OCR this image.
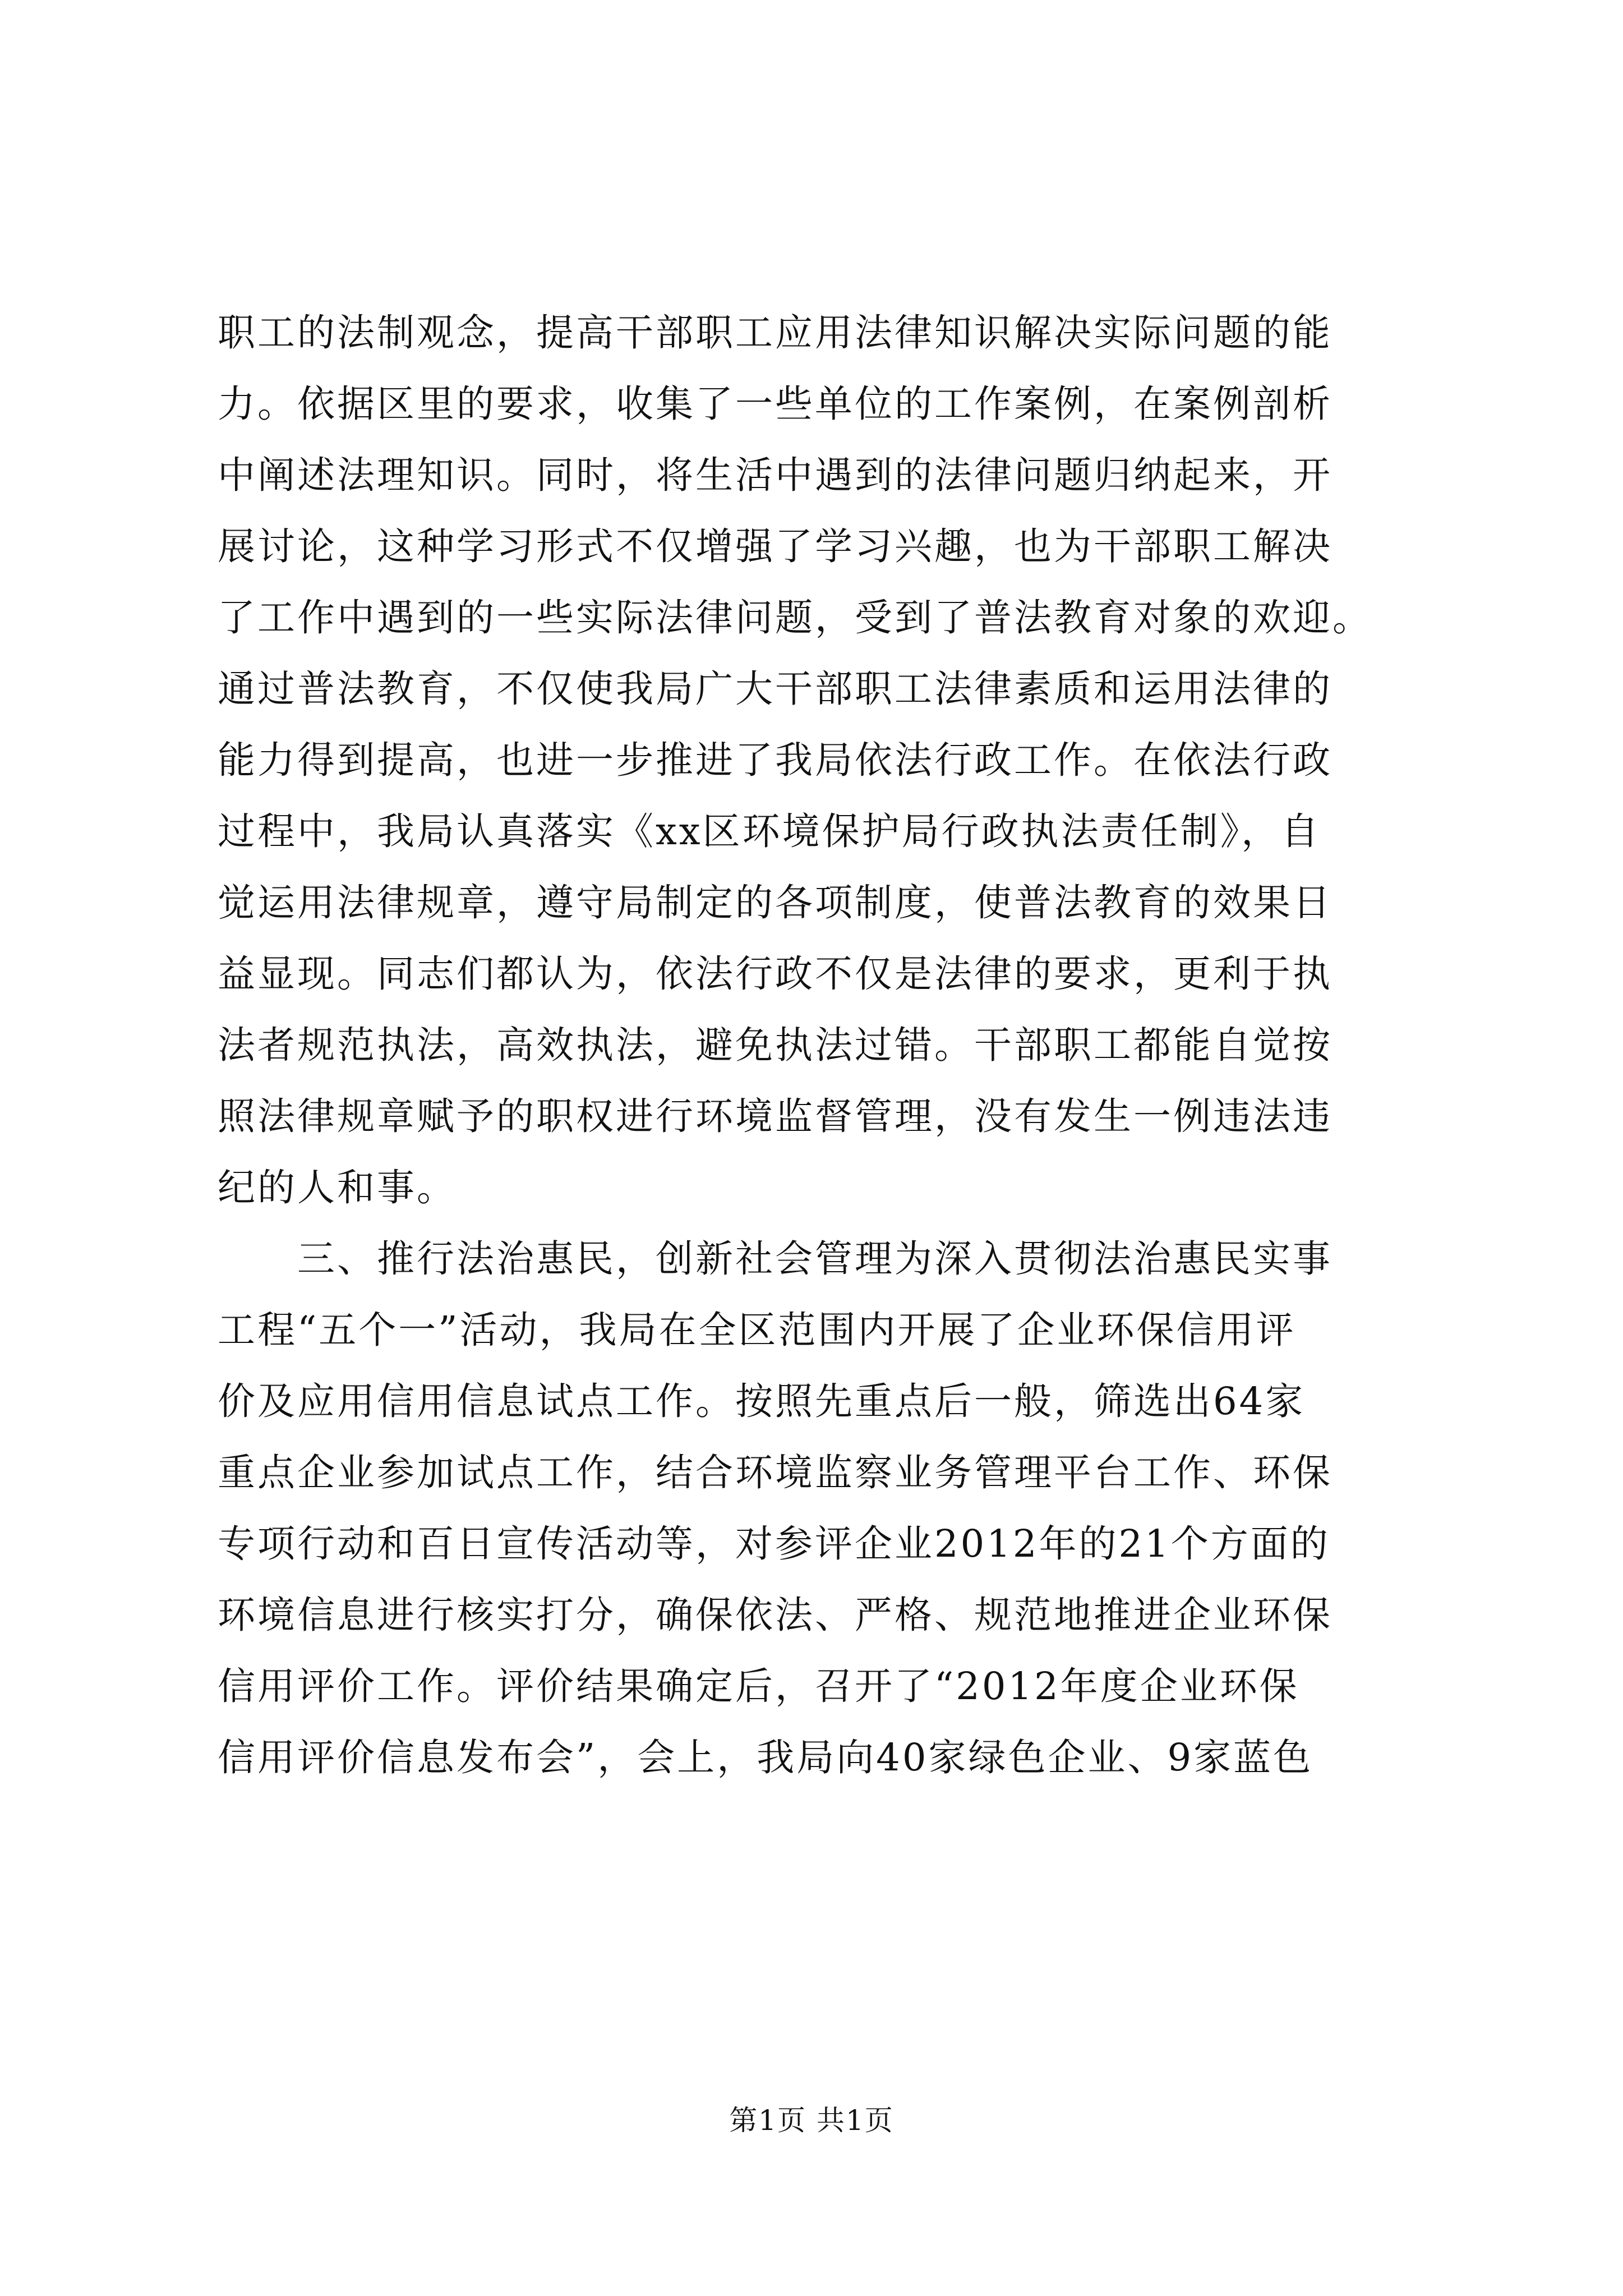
职工的法制观念，提高干部职工应用法律知识解决实际问题的能
力。依据区里的要求，收集了一些单位的工作案例，在案例剖析
中阐述法理知识。同时，将生活中遇到的法律问题归纳起来，开
展讨论，这种学习形式不仅增强了学习兴趣，也为干部职工解决
了工作中遇到的一些实际法律问题，受到了普法教育对象的欢迎。
通过普法教育，不仅使我局广大干部职工法律素质和运用法律的
能力得到提高，也进一步推进了我局依法行政工作。在依法行政
过程中，我局认真落实《xx区环境保护局行政执法责任制》，自
觉运用法律规章，遵守局制定的各项制度，使普法教育的效果日
益显现。同志们都认为，依法行政不仅是法律的要求，更利于执
法者规范执法，高效执法，避免执法过错。干部职工都能自觉按
照法律规章赋予的职权进行环境监督管理，没有发生一例违法违
纪的人和事。
　　三、推行法治惠民，创新社会管理为深入贯彻法治惠民实事
工程“五个一”活动，我局在全区范围内开展了企业环保信用评
价及应用信用信息试点工作。按照先重点后一般，筛选出64家
重点企业参加试点工作，结合环境监察业务管理平台工作、环保
专项行动和百日宣传活动等，对参评企业2012年的21个方面的
环境信息进行核实打分，确保依法、严格、规范地推进企业环保
信用评价工作。评价结果确定后，召开了“2012年度企业环保
信用评价信息发布会”，会上，我局向40家绿色企业、9家蓝色
第1页 共1页
